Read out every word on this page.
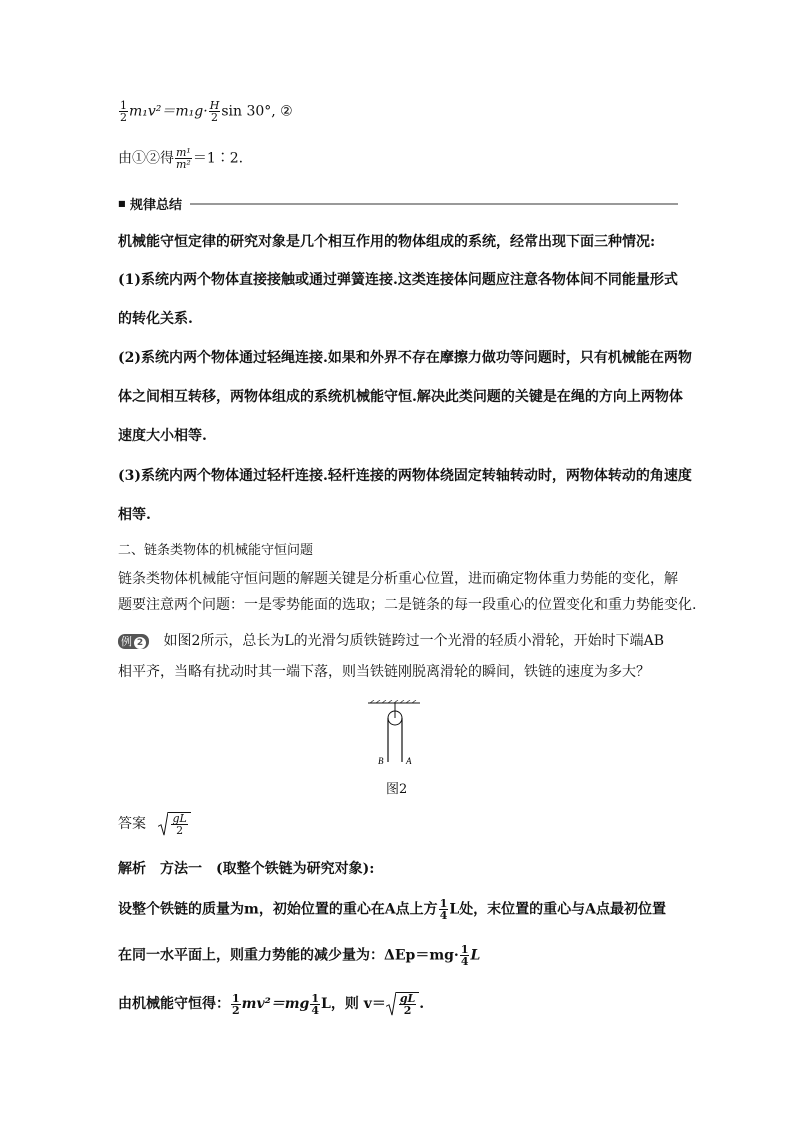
$\frac{1}{2} m_1v^2=m_1g\cdot \frac{H}{2}$ sin 30°, ②
由①②得 $\frac{\text{m¹}}{\text{m²}}$ ＝1∶2.
■ 规律总结
机械能守恒定律的研究对象是几个相互作用的物体组成的系统，经常出现下面三种情况:
(1)系统内两个物体直接接触或通过弹簧连接.这类连接体问题应注意各物体间不同能量形式
的转化关系.
(2)系统内两个物体通过轻绳连接.如果和外界不存在摩擦力做功等问题时，只有机械能在两物
体之间相互转移，两物体组成的系统机械能守恒.解决此类问题的关键是在绳的方向上两物体
速度大小相等.
(3)系统内两个物体通过轻杆连接.轻杆连接的两物体绕固定转轴转动时，两物体转动的角速度
相等.
二、链条类物体的机械能守恒问题
链条类物体机械能守恒问题的解题关键是分析重心位置，进而确定物体重力势能的变化，解
题要注意两个问题：一是零势能面的选取；二是链条的每一段重心的位置变化和重力势能变化.
例 2 如图2所示，总长为L的光滑匀质铁链跨过一个光滑的轻质小滑轮，开始时下端AB
相平齐，当略有扰动时其一端下落，则当铁链刚脱离滑轮的瞬间，铁链的速度为多大？
B	A
图2
答案 $\frac{gL}{2}$
解析　方法一　(取整个铁链为研究对象):
设整个铁链的质量为m，初始位置的重心在A点上方 $\frac{1}{4}$ L处，末位置的重心与A点最初位置
在同一水平面上，则重力势能的减少量为：$\Delta Ep=mg\cdot \frac{1}{4}$ L
由机械能守恒得： $\frac{1}{2} mv^2=mg \frac{1}{4}$ L，则 $v= \frac{gL}{2}$ .
